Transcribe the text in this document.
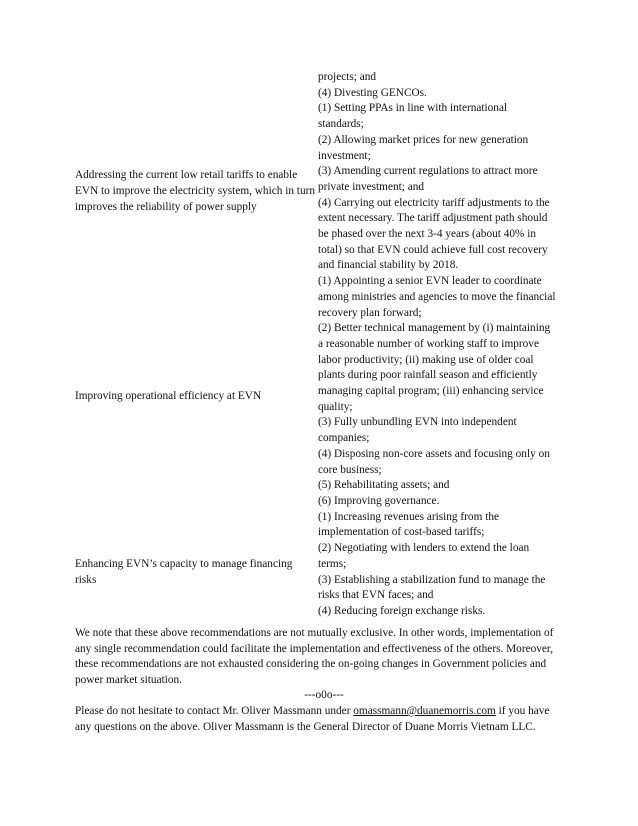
projects; and

(4) Divesting GENCOs.

(1) Setting PPAs in line with international

standards;

(2) Allowing market prices for new generation

investment;

(3) Amending current regulations to attract more

private investment; and

(4) Carrying out electricity tariff adjustments to the

extent necessary. The tariff adjustment path should

be phased over the next 3-4 years (about 40% in

total) so that EVN could achieve full cost recovery

and financial stability by 2018.

(1) Appointing a senior EVN leader to coordinate

among ministries and agencies to move the financial

recovery plan forward;

(2) Better technical management by (i) maintaining

a reasonable number of working staff to improve

labor productivity; (ii) making use of older coal

plants during poor rainfall season and efficiently

managing capital program; (iii) enhancing service

quality;

(3) Fully unbundling EVN into independent

companies;

(4) Disposing non-core assets and focusing only on

core business;

(5) Rehabilitating assets; and

(6) Improving governance.

(1) Increasing revenues arising from the

implementation of cost-based tariffs;

(2) Negotiating with lenders to extend the loan

terms;

(3) Establishing a stabilization fund to manage the

risks that EVN faces; and

(4) Reducing foreign exchange risks.

Addressing the current low retail tariffs to enable

EVN to improve the electricity system, which in turn

improves the reliability of power supply

Improving operational efficiency at EVN

Enhancing EVN’s capacity to manage financing

risks

We note that these above recommendations are not mutually exclusive. In other words, implementation of

any single recommendation could facilitate the implementation and effectiveness of the others. Moreover,

these recommendations are not exhausted considering the on-going changes in Government policies and

power market situation.

---o0o---

Please do not hesitate to contact Mr. Oliver Massmann under omassmann@duanemorris.com if you have

any questions on the above. Oliver Massmann is the General Director of Duane Morris Vietnam LLC.
